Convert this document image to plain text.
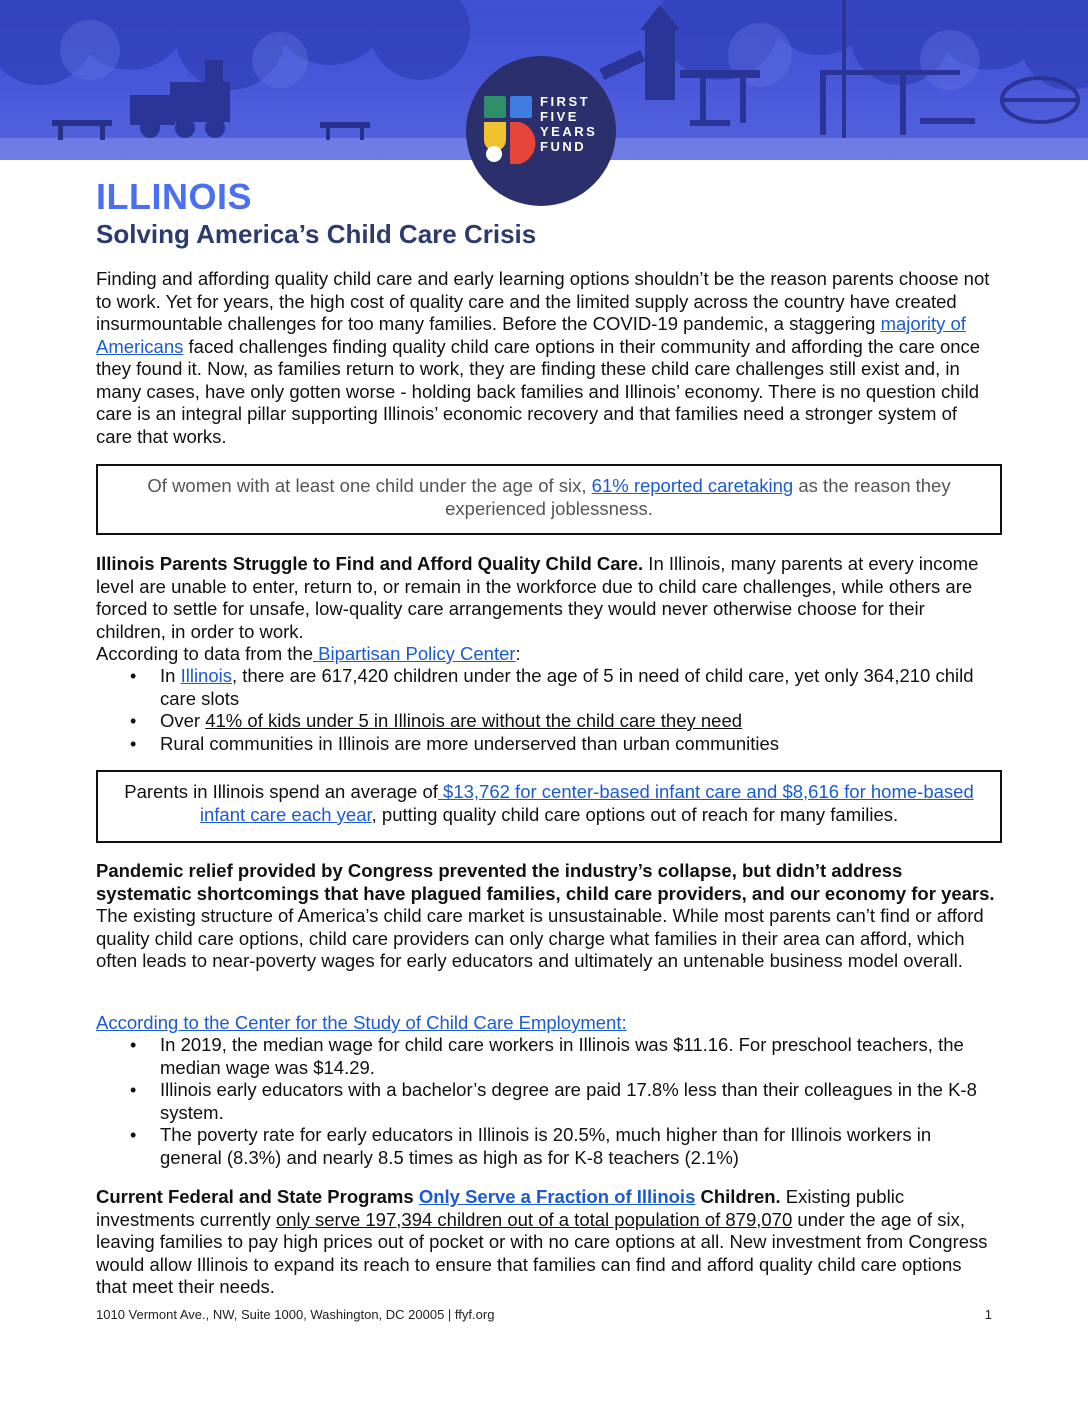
FIRST
FIVE
YEARS
FUND
ILLINOIS
Solving America’s Child Care Crisis

Finding and affording quality child care and early learning options shouldn’t be the reason parents choose not to work. Yet for years, the high cost of quality care and the limited supply across the country have created insurmountable challenges for too many families. Before the COVID-19 pandemic, a staggering majority of Americans faced challenges finding quality child care options in their community and affording the care once they found it. Now, as families return to work, they are finding these child care challenges still exist and, in many cases, have only gotten worse - holding back families and Illinois’ economy. There is no question child care is an integral pillar supporting Illinois’ economic recovery and that families need a stronger system of care that works.

Of women with at least one child under the age of six, 61% reported caretaking as the reason they experienced joblessness.

Illinois Parents Struggle to Find and Afford Quality Child Care. In Illinois, many parents at every income level are unable to enter, return to, or remain in the workforce due to child care challenges, while others are forced to settle for unsafe, low-quality care arrangements they would never otherwise choose for their children, in order to work.
According to data from the Bipartisan Policy Center:

• In Illinois, there are 617,420 children under the age of 5 in need of child care, yet only 364,210 child care slots
• Over 41% of kids under 5 in Illinois are without the child care they need
• Rural communities in Illinois are more underserved than urban communities
Parents in Illinois spend an average of $13,762 for center-based infant care and $8,616 for home-based infant care each year, putting quality child care options out of reach for many families.

Pandemic relief provided by Congress prevented the industry’s collapse, but didn’t address systematic shortcomings that have plagued families, child care providers, and our economy for years. The existing structure of America’s child care market is unsustainable. While most parents can’t find or afford quality child care options, child care providers can only charge what families in their area can afford, which often leads to near-poverty wages for early educators and ultimately an untenable business model overall.

According to the Center for the Study of Child Care Employment:

• In 2019, the median wage for child care workers in Illinois was $11.16. For preschool teachers, the median wage was $14.29.
• Illinois early educators with a bachelor’s degree are paid 17.8% less than their colleagues in the K-8 system.
• The poverty rate for early educators in Illinois is 20.5%, much higher than for Illinois workers in general (8.3%) and nearly 8.5 times as high as for K-8 teachers (2.1%)

Current Federal and State Programs Only Serve a Fraction of Illinois Children. Existing public investments currently only serve 197,394 children out of a total population of 879,070 under the age of six, leaving families to pay high prices out of pocket or with no care options at all. New investment from Congress would allow Illinois to expand its reach to ensure that families can find and afford quality child care options that meet their needs.

1010 Vermont Ave., NW, Suite 1000, Washington, DC 20005 | ffyf.org	1
